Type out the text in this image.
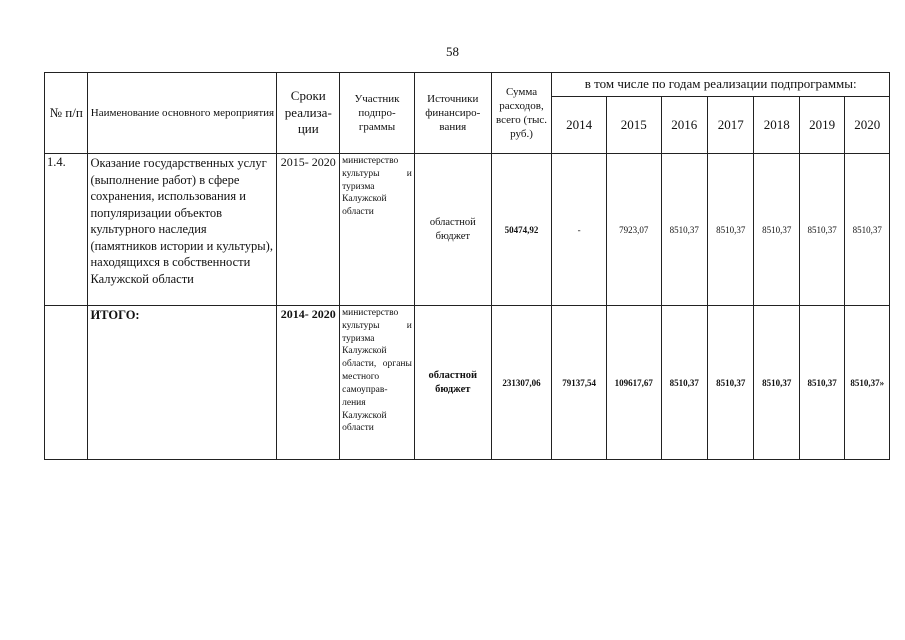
58
№ п/п	Наименование основного мероприятия	Сроки реализа- ции	Участник подпро- граммы	Источники финансиро- вания	Сумма расходов, всего (тыс. руб.)	в том числе по годам реализации подпрограммы:						
						2014	2015	2016	2017	2018	2019	2020
1.4.	Оказание государственных услуг (выполнение работ) в сфере сохранения, использования и популяризации объектов культурного наследия (памятников истории и культуры), находящихся в собственности Калужской области	2015- 2020	министерство культуры и туризма Калужской области	областной бюджет	50474,92	-	7923,07	8510,37	8510,37	8510,37	8510,37	8510,37
	ИТОГО:	2014- 2020	министерство культуры и туризма Калужской области, органы местного самоуправ- ления Калужской области	областной бюджет	231307,06	79137,54	109617,67	8510,37	8510,37	8510,37	8510,37	8510,37»
